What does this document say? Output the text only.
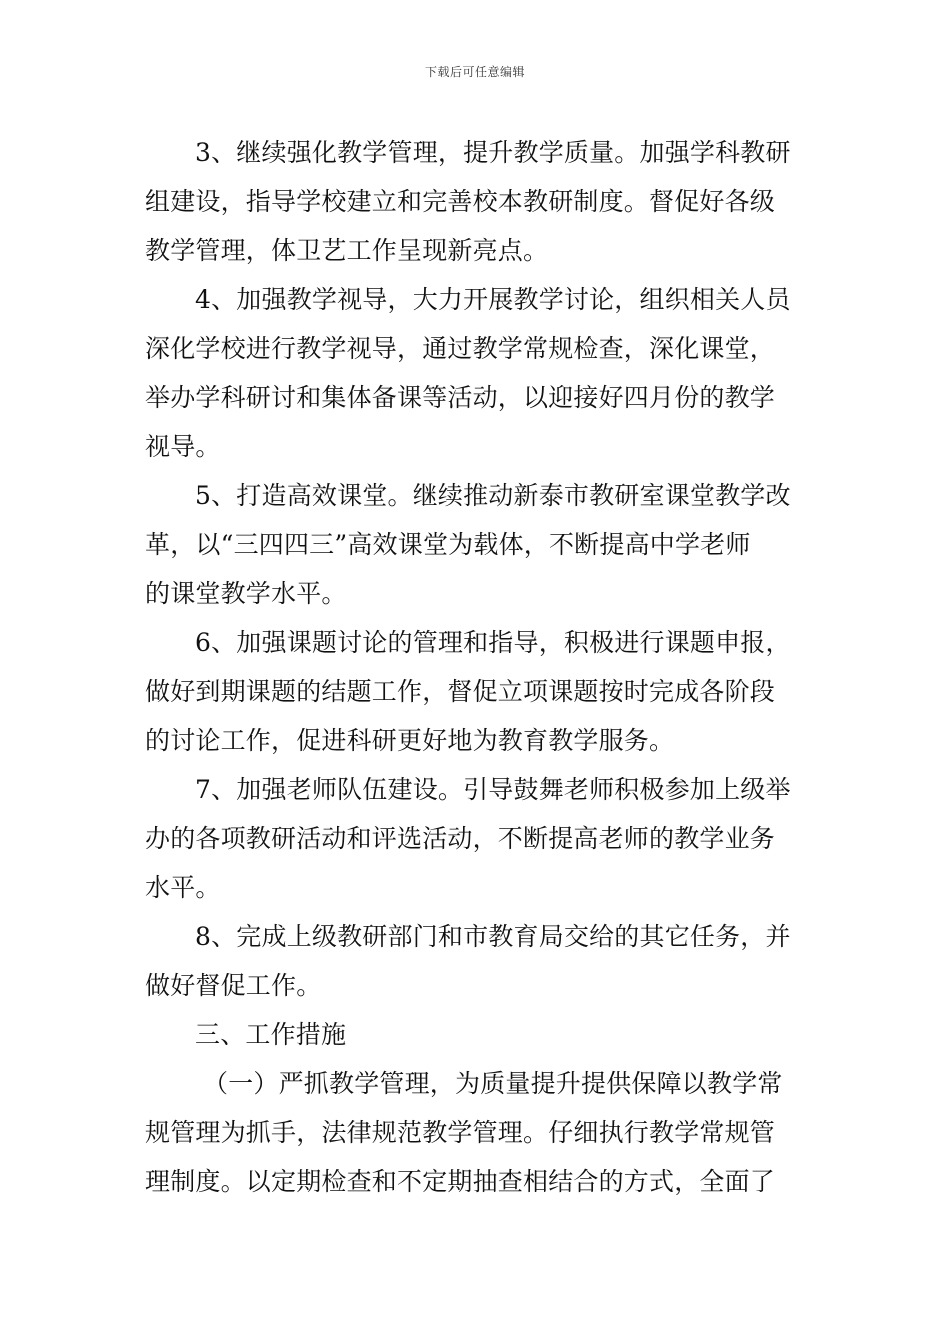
下载后可任意编辑
3、继续强化教学管理，提升教学质量。加强学科教研
组建设，指导学校建立和完善校本教研制度。督促好各级
教学管理，体卫艺工作呈现新亮点。
4、加强教学视导，大力开展教学讨论，组织相关人员
深化学校进行教学视导，通过教学常规检查，深化课堂，
举办学科研讨和集体备课等活动，以迎接好四月份的教学
视导。
5、打造高效课堂。继续推动新泰市教研室课堂教学改
革，以“三四四三”高效课堂为载体，不断提高中学老师
的课堂教学水平。
6、加强课题讨论的管理和指导，积极进行课题申报，
做好到期课题的结题工作，督促立项课题按时完成各阶段
的讨论工作，促进科研更好地为教育教学服务。
7、加强老师队伍建设。引导鼓舞老师积极参加上级举
办的各项教研活动和评选活动，不断提高老师的教学业务
水平。
8、完成上级教研部门和市教育局交给的其它任务，并
做好督促工作。
三、工作措施
（一）严抓教学管理，为质量提升提供保障以教学常
规管理为抓手，法律规范教学管理。仔细执行教学常规管
理制度。以定期检查和不定期抽查相结合的方式，全面了
